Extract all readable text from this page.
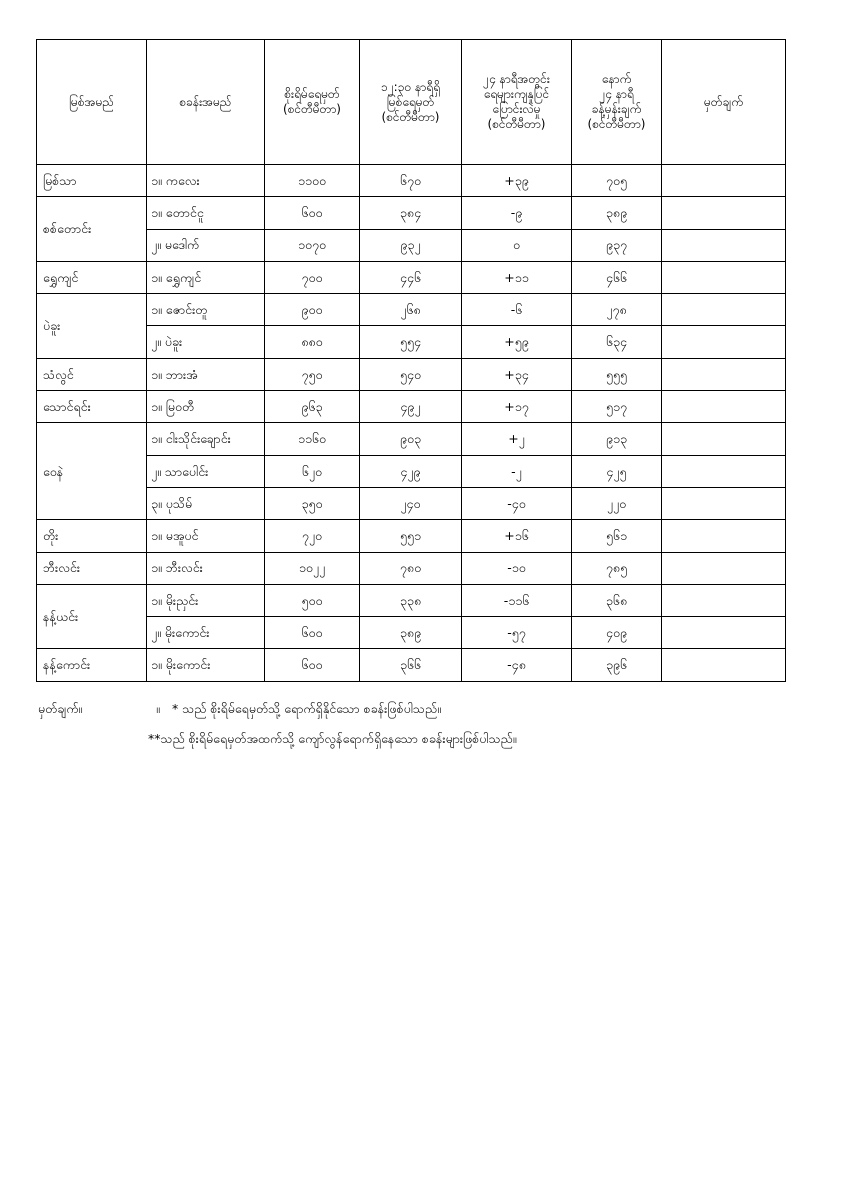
မြစ်အမည်	စခန်းအမည်	စိုးရိမ်ရေမှတ်
(စင်တီမီတာ)	၁၂:၃၀ နာရီရှိ
မြစ်ရေမှတ်
(စင်တီမီတာ)	၂၄ နာရီအတွင်း
ရေများကျနှုပြင်
ပြောင်းလဲမှု
(စင်တီမီတာ)	နောက်
၂၄ နာရီ
ခန့်မှန်းချက်
(စင်တီမီတာ)	မှတ်ချက်

မြစ်သာ	၁။ ကလေး	၁၁၀၀	၆၇၀	+၃၉	၇၀၅	
စစ်တောင်း	၁။ တောင်ငူ	၆၀၀	၃၈၄	-၉	၃၈၉	
	၂။ မဒေါက်	၁၀၇၀	၉၃၂	၀	၉၃၇	
ရွှေကျင်	၁။ ရွှေကျင်	၇၀၀	၄၄၆	+၁၁	၄၆၆	
ပဲခူး	၁။ ဇောင်းတူ	၉၀၀	၂၆၈	-၆	၂၇၈	
	၂။ ပဲခူး	၈၈၀	၅၅၄	+၅၉	၆၃၄	
သံလွင်	၁။ ဘားအံ	၇၅၀	၅၄၀	+၃၄	၅၅၅	
သောင်ရင်း	၁။ မြဝတီ	၉၆၃	၄၉၂	+၁၇	၅၁၇	
ဝေနဲ	၁။ ငါးသိုင်းချောင်း	၁၁၆၀	၉၀၃	+၂	၉၁၃	
	၂။ သာပေါင်း	၆၂၀	၄၂၉	-၂	၄၂၅	
	၃။ ပုသိမ်	၃၅၀	၂၄၀	-၄၀	၂၂၀	
တိုး	၁။ မအူပင်	၇၂၀	၅၅၁	+၁၆	၅၆၁	
ဘီးလင်း	၁။ ဘီးလင်း	၁၀၂၂	၇၈၀	-၁၀	၇၈၅	
နန့်ယင်း	၁။ မိုးညှင်း	၅၀၀	၃၃၈	-၁၁၆	၃၆၈	
	၂။ မိုးကောင်း	၆၀၀	၃၈၉	-၅၇	၄၀၉	
နန့်ကောင်း	၁။ မိုးကောင်း	၆၀၀	၃၆၆	-၄၈	၃၉၆	
မှတ်ချက်။	။ * သည် စိုးရိမ်ရေမှတ်သို့ ရောက်ရှိနိုင်သော စခန်းဖြစ်ပါသည်။
**သည် စိုးရိမ်ရေမှတ်အထက်သို့ ကျော်လွန်ရောက်ရှိနေသော စခန်းများဖြစ်ပါသည်။
